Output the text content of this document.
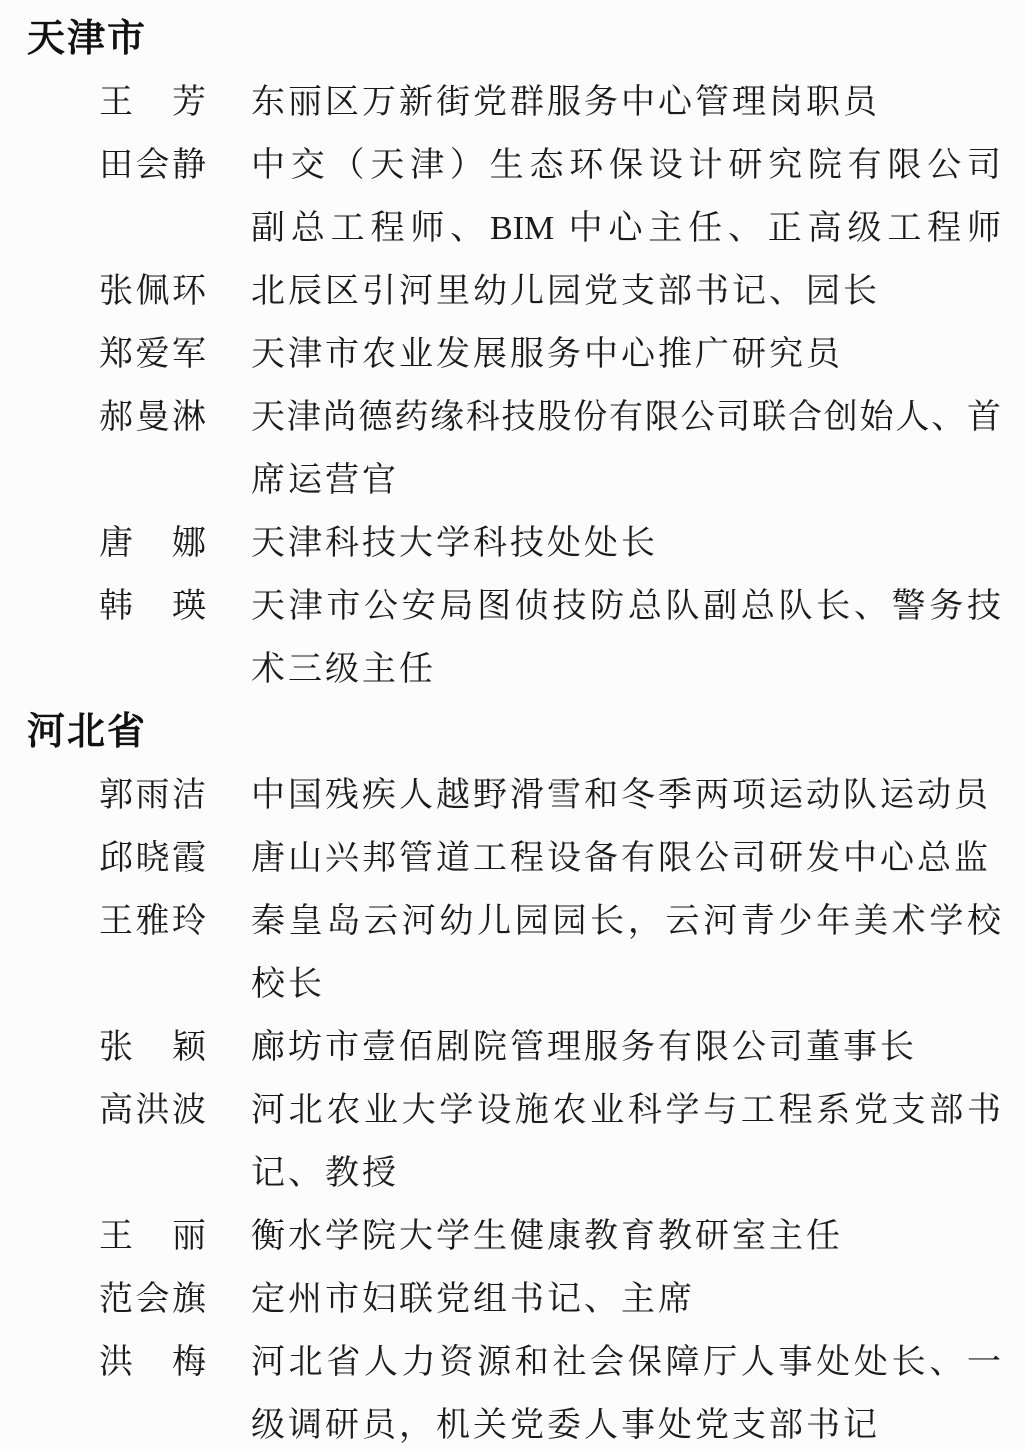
天津市
王 芳 东丽区万新街党群服务中心管理岗职员
田 会 静 中交（天津）生态环保设计研究院有限公司
副总工程师、BIM 中心主任、正高级工程师
张 佩 环 北辰区引河里幼儿园党支部书记、园长
郑 爱 军 天津市农业发展服务中心推广研究员
郝 曼 淋 天津尚德药缘科技股份有限公司联合创始人、首
席运营官
唐 娜 天津科技大学科技处处长
韩 瑛 天津市公安局图侦技防总队副总队长、警务技
术三级主任
河北省
郭 雨 洁 中国残疾人越野滑雪和冬季两项运动队运动员
邱 晓 霞 唐山兴邦管道工程设备有限公司研发中心总监
王 雅 玲 秦皇岛云河幼儿园园长，云河青少年美术学校
校长
张 颖 廊坊市壹佰剧院管理服务有限公司董事长
高 洪 波 河北农业大学设施农业科学与工程系党支部书
记、教授
王 丽 衡水学院大学生健康教育教研室主任
范 会 旗 定州市妇联党组书记、主席
洪 梅 河北省人力资源和社会保障厅人事处处长、一
级调研员，机关党委人事处党支部书记
